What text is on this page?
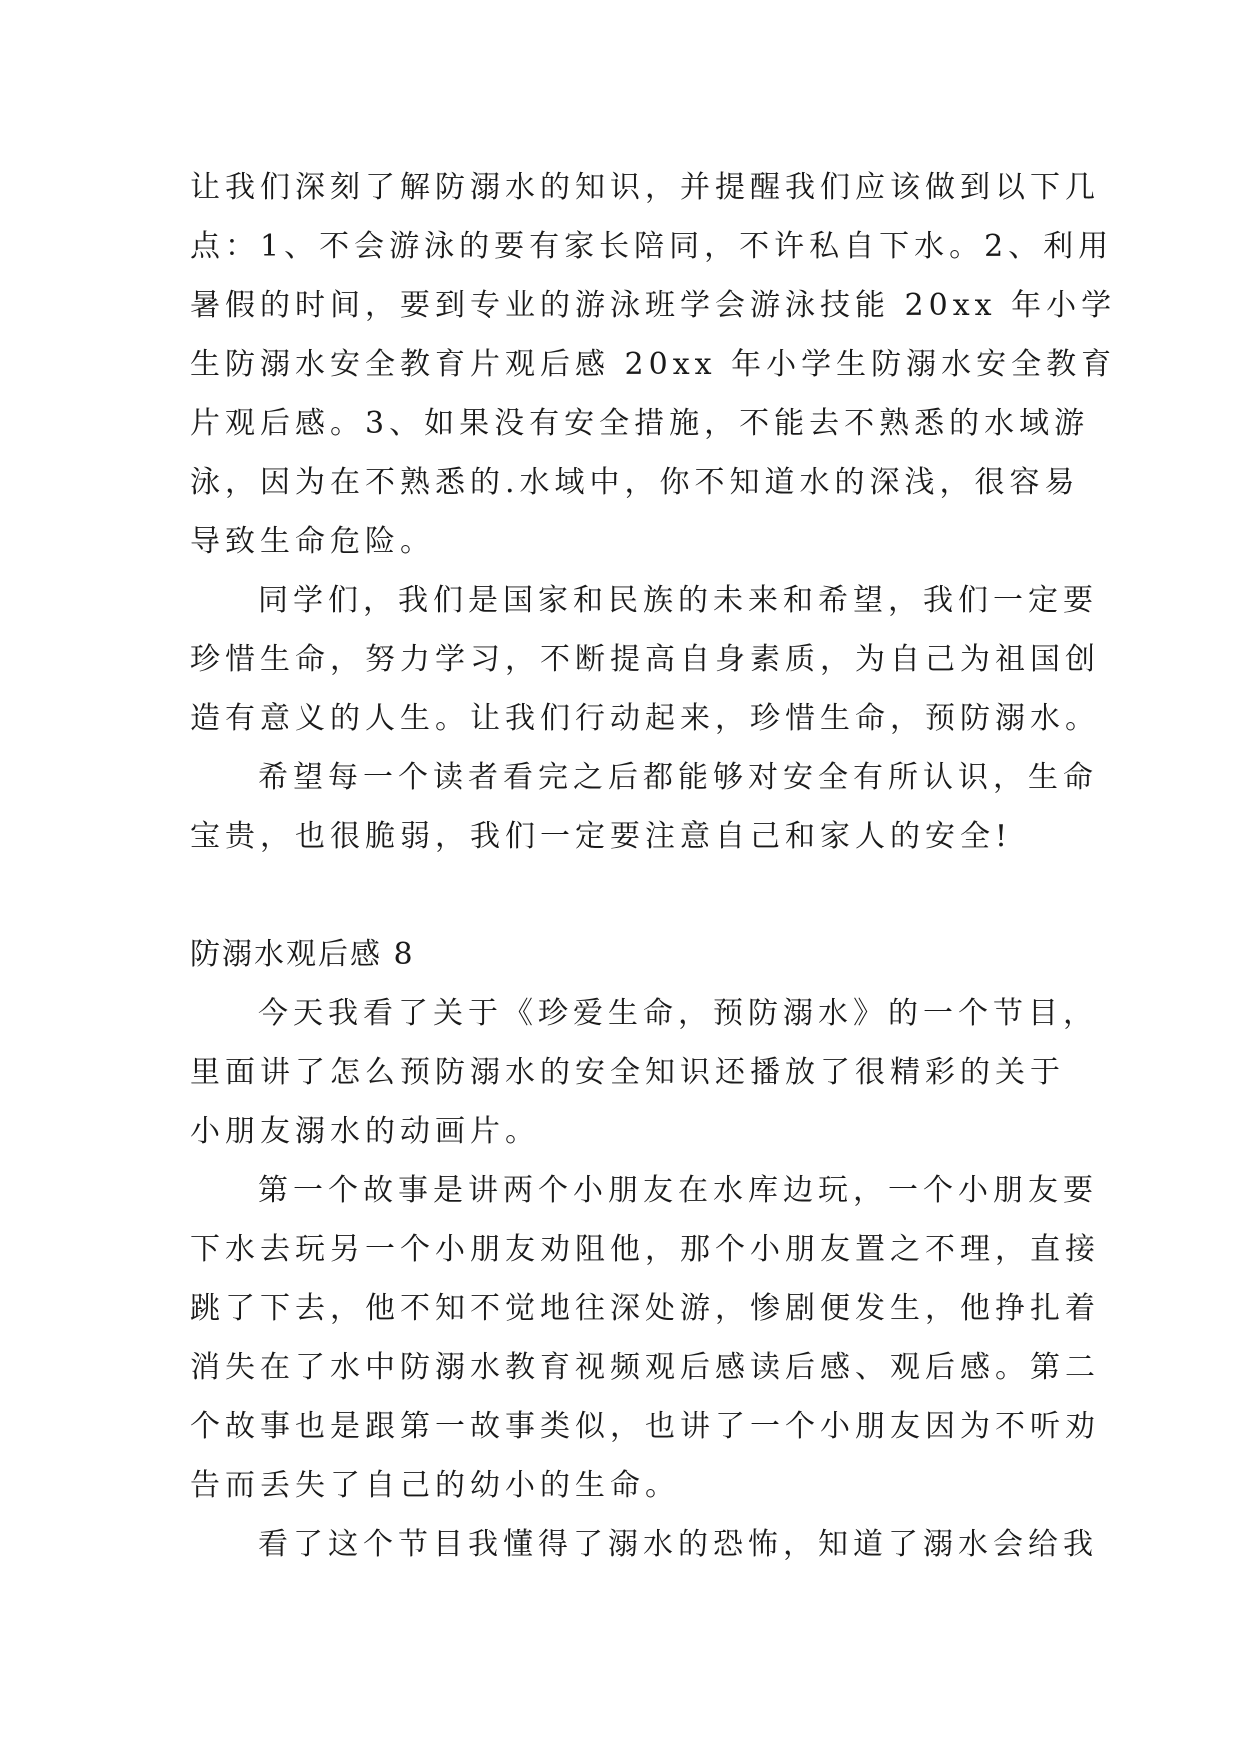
让我们深刻了解防溺水的知识，并提醒我们应该做到以下几
点：1、不会游泳的要有家长陪同，不许私自下水。2、利用
暑假的时间，要到专业的游泳班学会游泳技能 20xx 年小学
生防溺水安全教育片观后感 20xx 年小学生防溺水安全教育
片观后感。3、如果没有安全措施，不能去不熟悉的水域游
泳，因为在不熟悉的.水域中，你不知道水的深浅，很容易
导致生命危险。
同学们，我们是国家和民族的未来和希望，我们一定要
珍惜生命，努力学习，不断提高自身素质，为自己为祖国创
造有意义的人生。让我们行动起来，珍惜生命，预防溺水。
希望每一个读者看完之后都能够对安全有所认识，生命
宝贵，也很脆弱，我们一定要注意自己和家人的安全!
防溺水观后感 8
今天我看了关于《珍爱生命，预防溺水》的一个节目，
里面讲了怎么预防溺水的安全知识还播放了很精彩的关于
小朋友溺水的动画片。
第一个故事是讲两个小朋友在水库边玩，一个小朋友要
下水去玩另一个小朋友劝阻他，那个小朋友置之不理，直接
跳了下去，他不知不觉地往深处游，惨剧便发生，他挣扎着
消失在了水中防溺水教育视频观后感读后感、观后感。第二
个故事也是跟第一故事类似，也讲了一个小朋友因为不听劝
告而丢失了自己的幼小的生命。
看了这个节目我懂得了溺水的恐怖，知道了溺水会给我
